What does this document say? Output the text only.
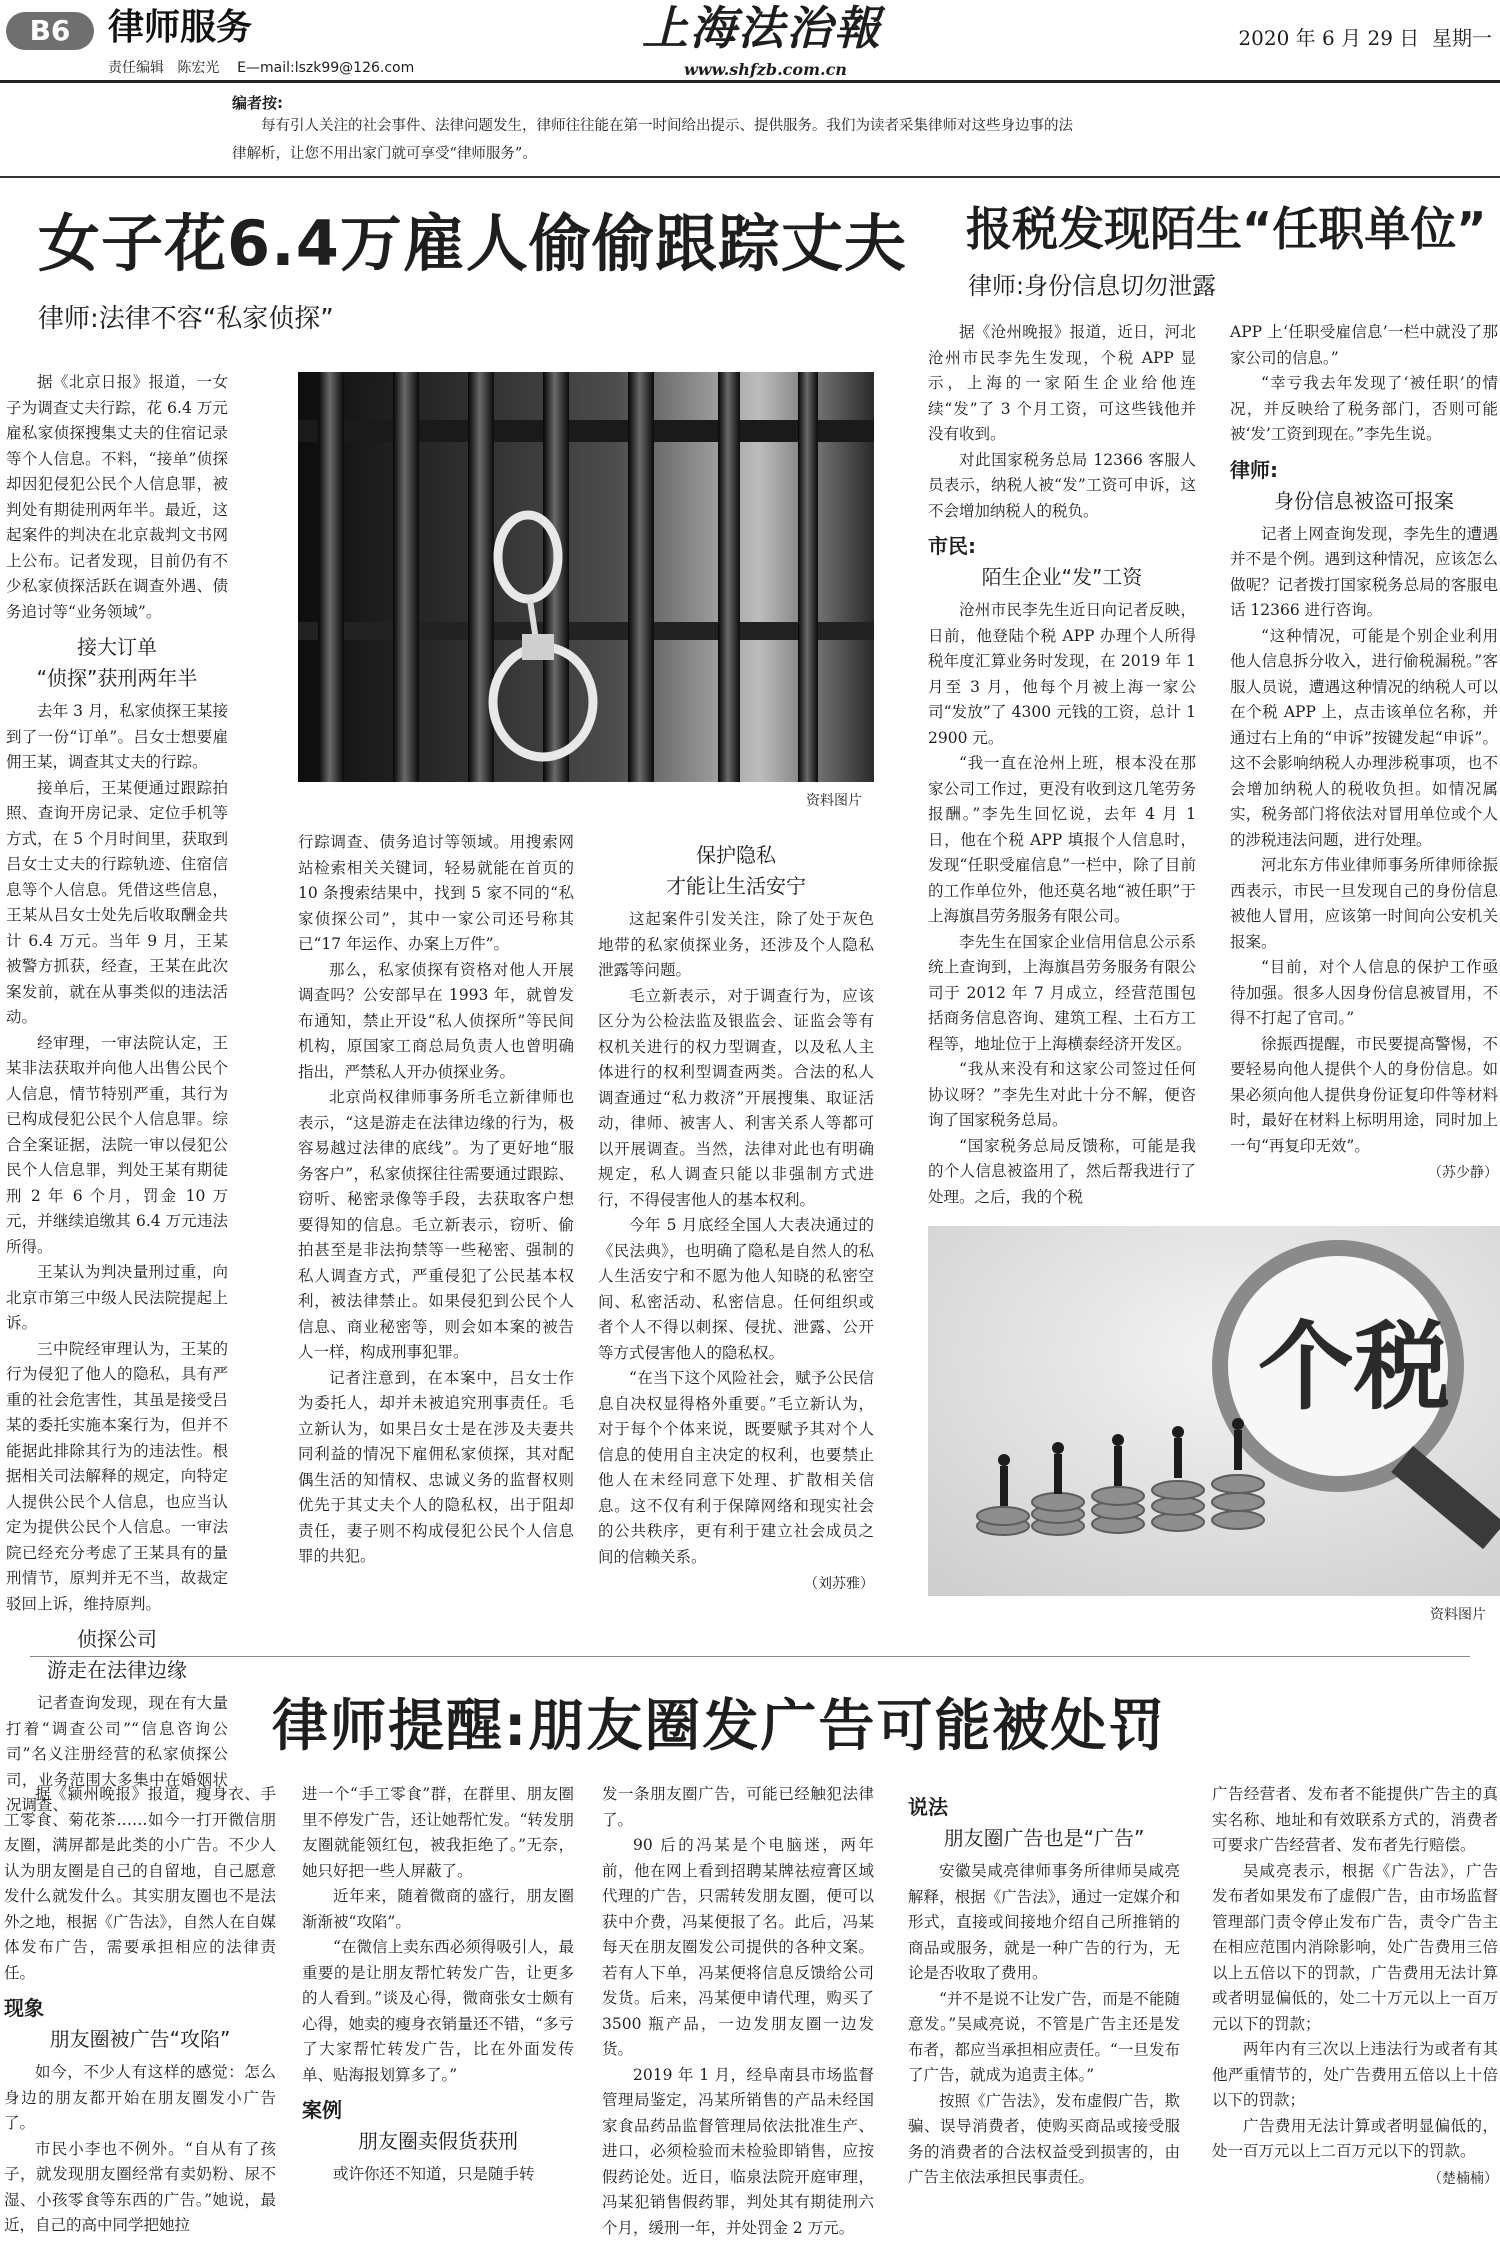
B6	律师服务
责任编辑 陈宏光 E—mail:lszk99@126.com
上海法治報
www.shfzb.com.cn
2020 年 6 月 29 日 星期一
编者按:
每有引人关注的社会事件、法律问题发生，律师往往能在第一时间给出提示、提供服务。我们为读者采集律师对这些身边事的法
律解析，让您不用出家门就可享受“律师服务”。
女子花6.4万雇人偷偷跟踪丈夫
律师:法律不容“私家侦探”
资料图片

据《北京日报》报道，一女子为调查丈夫行踪，花 6.4 万元雇私家侦探搜集丈夫的住宿记录等个人信息。不料，“接单”侦探却因犯侵犯公民个人信息罪，被判处有期徒刑两年半。最近，这起案件的判决在北京裁判文书网上公布。记者发现，目前仍有不少私家侦探活跃在调查外遇、债务追讨等“业务领域”。

接大订单
“侦探”获刑两年半

去年 3 月，私家侦探王某接到了一份“订单”。吕女士想要雇佣王某，调查其丈夫的行踪。

接单后，王某便通过跟踪拍照、查询开房记录、定位手机等方式，在 5 个月时间里，获取到吕女士丈夫的行踪轨迹、住宿信息等个人信息。凭借这些信息，王某从吕女士处先后收取酬金共计 6.4 万元。当年 9 月，王某被警方抓获，经查，王某在此次案发前，就在从事类似的违法活动。

经审理，一审法院认定，王某非法获取并向他人出售公民个人信息，情节特别严重，其行为已构成侵犯公民个人信息罪。综合全案证据，法院一审以侵犯公民个人信息罪，判处王某有期徒刑 2 年 6 个月，罚金 10 万元，并继续追缴其 6.4 万元违法所得。

王某认为判决量刑过重，向北京市第三中级人民法院提起上诉。

三中院经审理认为，王某的行为侵犯了他人的隐私，具有严重的社会危害性，其虽是接受吕某的委托实施本案行为，但并不能据此排除其行为的违法性。根据相关司法解释的规定，向特定人提供公民个人信息，也应当认定为提供公民个人信息。一审法院已经充分考虑了王某具有的量刑情节，原判并无不当，故裁定驳回上诉，维持原判。

侦探公司
游走在法律边缘

记者查询发现，现在有大量打着“调查公司”“信息咨询公司”名义注册经营的私家侦探公司，业务范围大多集中在婚姻状况调查、

行踪调查、债务追讨等领域。用搜索网站检索相关关键词，轻易就能在首页的 10 条搜索结果中，找到 5 家不同的“私家侦探公司”，其中一家公司还号称其已“17 年运作、办案上万件”。

那么，私家侦探有资格对他人开展调查吗？公安部早在 1993 年，就曾发布通知，禁止开设“私人侦探所”等民间机构，原国家工商总局负责人也曾明确指出，严禁私人开办侦探业务。

北京尚权律师事务所毛立新律师也表示，“这是游走在法律边缘的行为，极容易越过法律的底线”。为了更好地“服务客户”，私家侦探往往需要通过跟踪、窃听、秘密录像等手段，去获取客户想要得知的信息。毛立新表示，窃听、偷拍甚至是非法拘禁等一些秘密、强制的私人调查方式，严重侵犯了公民基本权利，被法律禁止。如果侵犯到公民个人信息、商业秘密等，则会如本案的被告人一样，构成刑事犯罪。

记者注意到，在本案中，吕女士作为委托人，却并未被追究刑事责任。毛立新认为，如果吕女士是在涉及夫妻共同利益的情况下雇佣私家侦探，其对配偶生活的知情权、忠诚义务的监督权则优先于其丈夫个人的隐私权，出于阻却责任，妻子则不构成侵犯公民个人信息罪的共犯。

保护隐私
才能让生活安宁

这起案件引发关注，除了处于灰色地带的私家侦探业务，还涉及个人隐私泄露等问题。

毛立新表示，对于调查行为，应该区分为公检法监及银监会、证监会等有权机关进行的权力型调查，以及私人主体进行的权利型调查两类。合法的私人调查通过“私力救济”开展搜集、取证活动，律师、被害人、利害关系人等都可以开展调查。当然，法律对此也有明确规定，私人调查只能以非强制方式进行，不得侵害他人的基本权利。

今年 5 月底经全国人大表决通过的《民法典》，也明确了隐私是自然人的私人生活安宁和不愿为他人知晓的私密空间、私密活动、私密信息。任何组织或者个人不得以刺探、侵扰、泄露、公开等方式侵害他人的隐私权。

“在当下这个风险社会，赋予公民信息自决权显得格外重要。”毛立新认为，对于每个个体来说，既要赋予其对个人信息的使用自主决定的权利，也要禁止他人在未经同意下处理、扩散相关信息。这不仅有利于保障网络和现实社会的公共秩序，更有利于建立社会成员之间的信赖关系。

（刘苏雅）
报税发现陌生“任职单位”
律师:身份信息切勿泄露

据《沧州晚报》报道，近日，河北沧州市民李先生发现，个税 APP 显示，上海的一家陌生企业给他连续“发”了 3 个月工资，可这些钱他并没有收到。

对此国家税务总局 12366 客服人员表示，纳税人被“发”工资可申诉，这不会增加纳税人的税负。

市民:
陌生企业“发”工资

沧州市民李先生近日向记者反映，日前，他登陆个税 APP 办理个人所得税年度汇算业务时发现，在 2019 年 1 月至 3 月，他每个月被上海一家公司“发放”了 4300 元钱的工资，总计 12900 元。

“我一直在沧州上班，根本没在那家公司工作过，更没有收到这几笔劳务报酬。”李先生回忆说，去年 4 月 1 日，他在个税 APP 填报个人信息时，发现“任职受雇信息”一栏中，除了目前的工作单位外，他还莫名地“被任职”于上海旗昌劳务服务有限公司。

李先生在国家企业信用信息公示系统上查询到，上海旗昌劳务服务有限公司于 2012 年 7 月成立，经营范围包括商务信息咨询、建筑工程、土石方工程等，地址位于上海横泰经济开发区。

“我从来没有和这家公司签过任何协议呀？”李先生对此十分不解，便咨询了国家税务总局。

“国家税务总局反馈称，可能是我的个人信息被盗用了，然后帮我进行了处理。之后，我的个税

APP 上‘任职受雇信息’一栏中就没了那家公司的信息。”

“幸亏我去年发现了‘被任职’的情况，并反映给了税务部门，否则可能被‘发’工资到现在。”李先生说。

律师:
身份信息被盗可报案

记者上网查询发现，李先生的遭遇并不是个例。遇到这种情况，应该怎么做呢？记者拨打国家税务总局的客服电话 12366 进行咨询。

“这种情况，可能是个别企业利用他人信息拆分收入，进行偷税漏税。”客服人员说，遭遇这种情况的纳税人可以在个税 APP 上，点击该单位名称，并通过右上角的“申诉”按键发起“申诉”。这不会影响纳税人办理涉税事项，也不会增加纳税人的税收负担。如情况属实，税务部门将依法对冒用单位或个人的涉税违法问题，进行处理。

河北东方伟业律师事务所律师徐振西表示，市民一旦发现自己的身份信息被他人冒用，应该第一时间向公安机关报案。

“目前，对个人信息的保护工作亟待加强。很多人因身份信息被冒用，不得不打起了官司。”

徐振西提醒，市民要提高警惕，不要轻易向他人提供个人的身份信息。如果必须向他人提供身份证复印件等材料时，最好在材料上标明用途，同时加上一句“再复印无效”。

（苏少静）
个税
资料图片
律师提醒:朋友圈发广告可能被处罚

据《颍州晚报》报道，瘦身衣、手工零食、菊花茶……如今一打开微信朋友圈，满屏都是此类的小广告。不少人认为朋友圈是自己的自留地，自己愿意发什么就发什么。其实朋友圈也不是法外之地，根据《广告法》，自然人在自媒体发布广告，需要承担相应的法律责任。

现象
朋友圈被广告“攻陷”

如今，不少人有这样的感觉：怎么身边的朋友都开始在朋友圈发小广告了。

市民小李也不例外。“自从有了孩子，就发现朋友圈经常有卖奶粉、尿不湿、小孩零食等东西的广告。”她说，最近，自己的高中同学把她拉

进一个“手工零食”群，在群里、朋友圈里不停发广告，还让她帮忙发。“转发朋友圈就能领红包，被我拒绝了。”无奈，她只好把一些人屏蔽了。

近年来，随着微商的盛行，朋友圈渐渐被“攻陷”。

“在微信上卖东西必须得吸引人，最重要的是让朋友帮忙转发广告，让更多的人看到。”谈及心得，微商张女士颇有心得，她卖的瘦身衣销量还不错，“多亏了大家帮忙转发广告，比在外面发传单、贴海报划算多了。”

案例
朋友圈卖假货获刑

或许你还不知道，只是随手转

发一条朋友圈广告，可能已经触犯法律了。

90 后的冯某是个电脑迷，两年前，他在网上看到招聘某牌祛痘膏区域代理的广告，只需转发朋友圈，便可以获中介费，冯某便报了名。此后，冯某每天在朋友圈发公司提供的各种文案。若有人下单，冯某便将信息反馈给公司发货。后来，冯某便申请代理，购买了 3500 瓶产品，一边发朋友圈一边发货。

2019 年 1 月，经阜南县市场监督管理局鉴定，冯某所销售的产品未经国家食品药品监督管理局依法批准生产、进口，必须检验而未检验即销售，应按假药论处。近日，临泉法院开庭审理，冯某犯销售假药罪，判处其有期徒刑六个月，缓刑一年，并处罚金 2 万元。

说法
朋友圈广告也是“广告”

安徽吴咸亮律师事务所律师吴咸亮解释，根据《广告法》，通过一定媒介和形式，直接或间接地介绍自己所推销的商品或服务，就是一种广告的行为，无论是否收取了费用。

“并不是说不让发广告，而是不能随意发。”吴咸亮说，不管是广告主还是发布者，都应当承担相应责任。“一旦发布了广告，就成为追责主体。”

按照《广告法》，发布虚假广告，欺骗、误导消费者，使购买商品或接受服务的消费者的合法权益受到损害的，由广告主依法承担民事责任。

广告经营者、发布者不能提供广告主的真实名称、地址和有效联系方式的，消费者可要求广告经营者、发布者先行赔偿。

吴咸亮表示，根据《广告法》，广告发布者如果发布了虚假广告，由市场监督管理部门责令停止发布广告，责令广告主在相应范围内消除影响，处广告费用三倍以上五倍以下的罚款，广告费用无法计算或者明显偏低的，处二十万元以上一百万元以下的罚款；

两年内有三次以上违法行为或者有其他严重情节的，处广告费用五倍以上十倍以下的罚款；

广告费用无法计算或者明显偏低的，处一百万元以上二百万元以下的罚款。

（楚楠楠）
